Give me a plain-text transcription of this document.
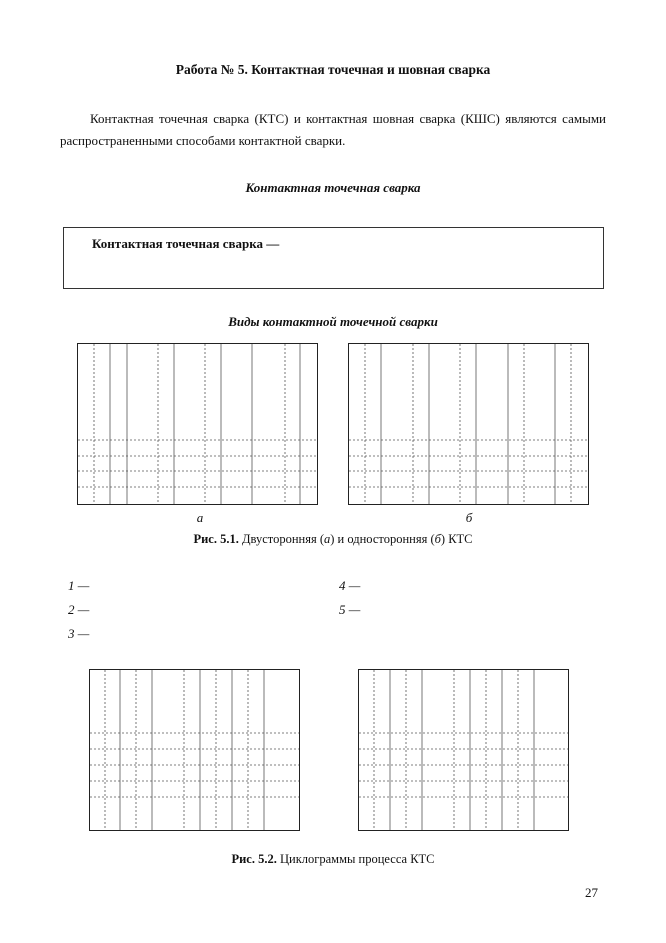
Работа № 5. Контактная точечная и шовная сварка
Контактная точечная сварка (КТС) и контактная шовная сварка (КШС) являются самыми распространенными способами контактной сварки.
Контактная точечная сварка
Контактная точечная сварка —
Виды контактной точечной сварки
а	б
Рис. 5.1. Двусторонняя (а) и односторонняя (б) КТС
1 —
2 —
3 —
4 —
5 —
Рис. 5.2. Циклограммы процесса КТС
27
